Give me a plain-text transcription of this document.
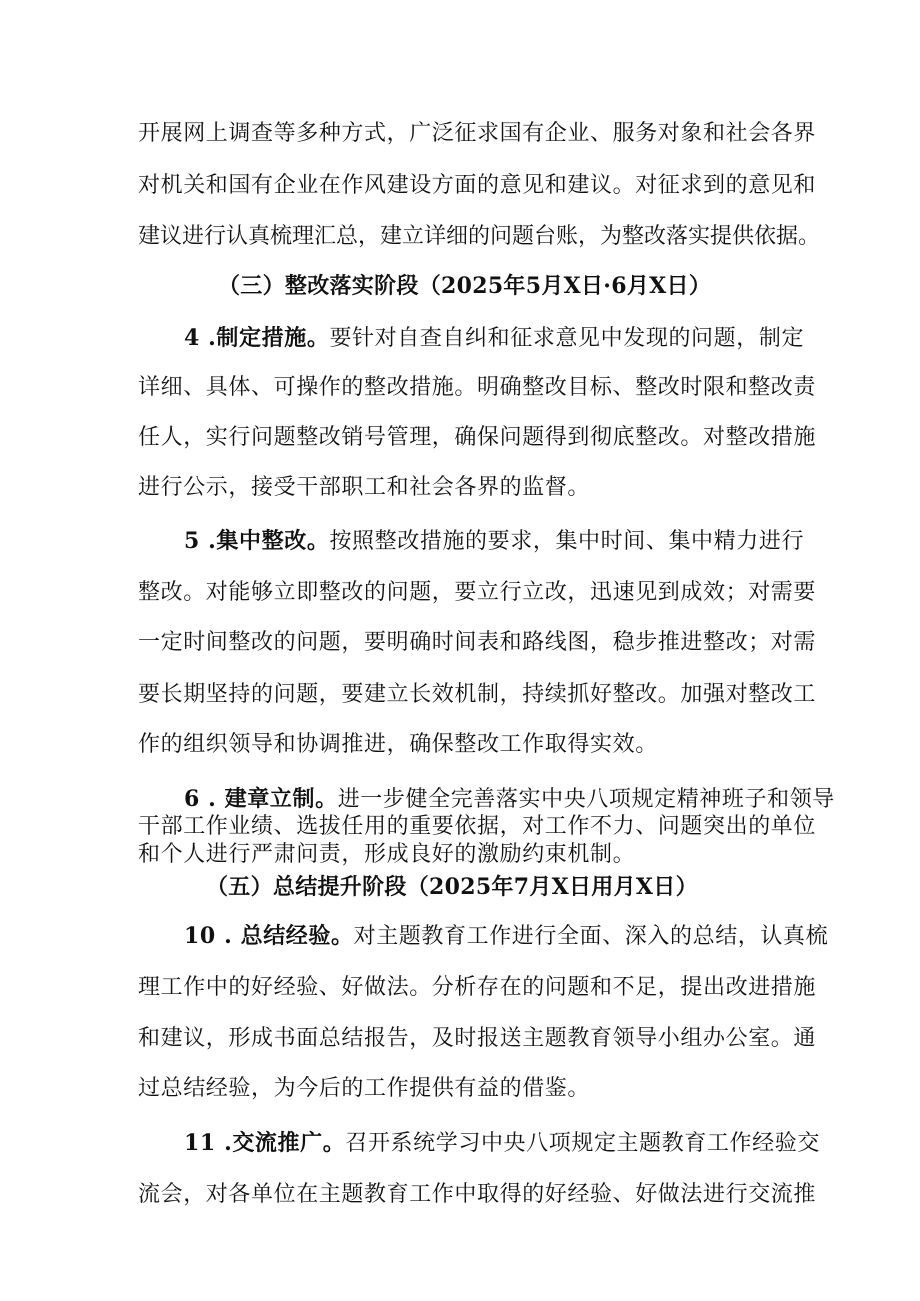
开展网上调查等多种方式，广泛征求国有企业、服务对象和社会各界
对机关和国有企业在作风建设方面的意见和建议。对征求到的意见和
建议进行认真梳理汇总，建立详细的问题台账，为整改落实提供依据。
（三）整改落实阶段（2025年5月X日·6月X日）
4 .制定措施。要针对自查自纠和征求意见中发现的问题，制定
详细、具体、可操作的整改措施。明确整改目标、整改时限和整改责
任人，实行问题整改销号管理，确保问题得到彻底整改。对整改措施
进行公示，接受干部职工和社会各界的监督。
5 .集中整改。按照整改措施的要求，集中时间、集中精力进行
整改。对能够立即整改的问题，要立行立改，迅速见到成效；对需要
一定时间整改的问题，要明确时间表和路线图，稳步推进整改；对需
要长期坚持的问题，要建立长效机制，持续抓好整改。加强对整改工
作的组织领导和协调推进，确保整改工作取得实效。
6 . 建章立制。进一步健全完善落实中央八项规定精神班子和领导
干部工作业绩、选拔任用的重要依据，对工作不力、问题突出的单位
和个人进行严肃问责，形成良好的激励约束机制。
（五）总结提升阶段（2025年7月X日用月X日）
10 . 总结经验。对主题教育工作进行全面、深入的总结，认真梳
理工作中的好经验、好做法。分析存在的问题和不足，提出改进措施
和建议，形成书面总结报告，及时报送主题教育领导小组办公室。通
过总结经验，为今后的工作提供有益的借鉴。
11 .交流推广。召开系统学习中央八项规定主题教育工作经验交
流会，对各单位在主题教育工作中取得的好经验、好做法进行交流推
